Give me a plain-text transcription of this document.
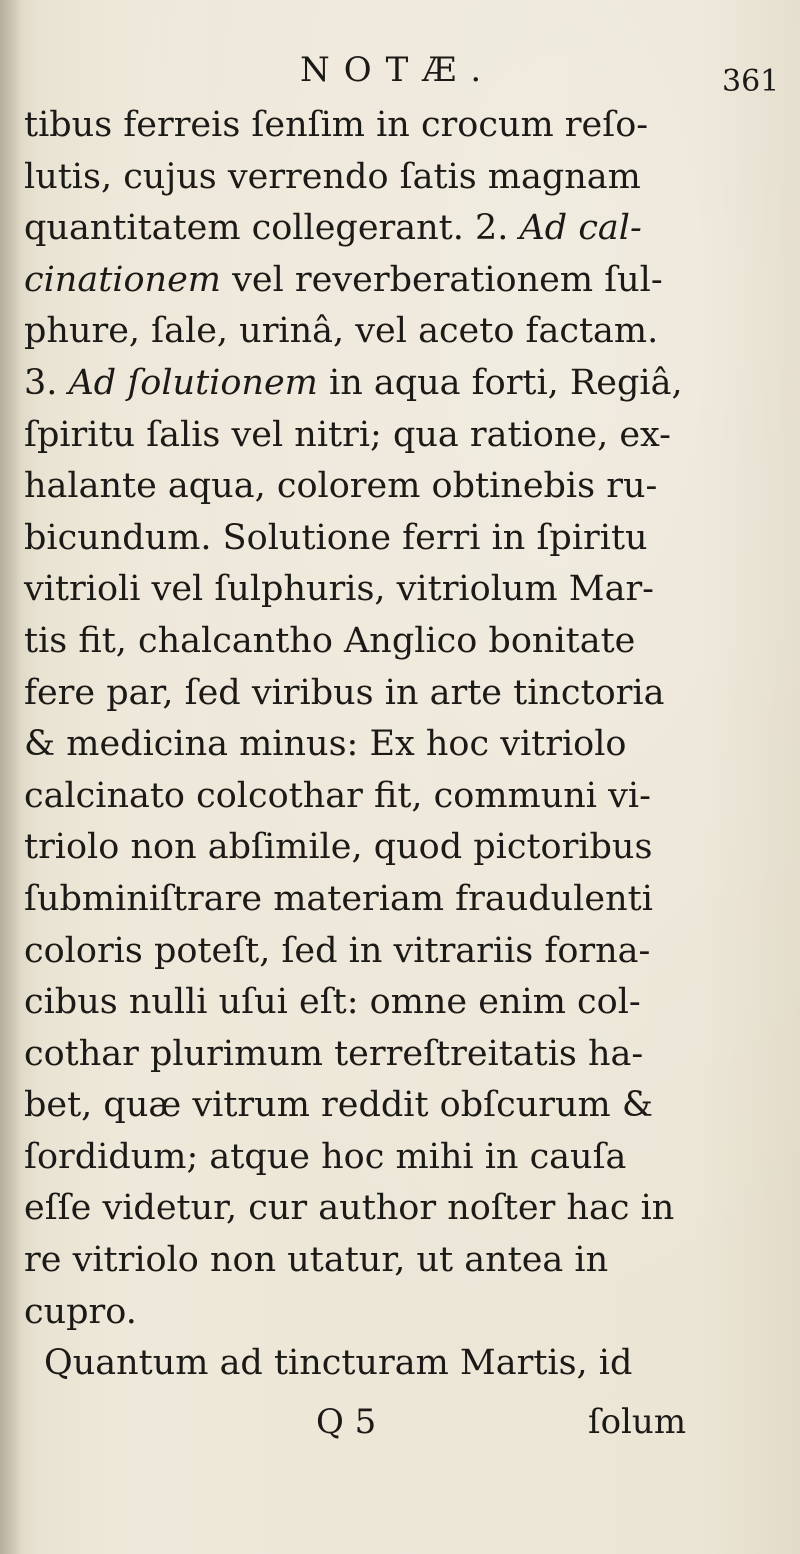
NOTÆ.	361
tibus ferreis ſenſim in crocum reſo-
lutis, cujus verrendo ſatis magnam
quantitatem collegerant. 2. Ad cal-
cinationem vel reverberationem ſul-
phure, ſale, urinâ, vel aceto factam.
3. Ad ſolutionem in aqua forti, Regiâ,
ſpiritu ſalis vel nitri; qua ratione, ex-
halante aqua, colorem obtinebis ru-
bicundum. Solutione ferri in ſpiritu
vitrioli vel ſulphuris, vitriolum Mar-
tis fit, chalcantho Anglico bonitate
fere par, ſed viribus in arte tinctoria
& medicina minus: Ex hoc vitriolo
calcinato colcothar fit, communi vi-
triolo non abſimile, quod pictoribus
ſubminiſtrare materiam fraudulenti
coloris poteſt, ſed in vitrariis forna-
cibus nulli uſui eſt: omne enim col-
cothar plurimum terreſtreitatis ha-
bet, quæ vitrum reddit obſcurum &
ſordidum; atque hoc mihi in cauſa
eſſe videtur, cur author noſter hac in
re vitriolo non utatur, ut antea in
cupro.
Quantum ad tincturam Martis, id
Q 5	ſolum
